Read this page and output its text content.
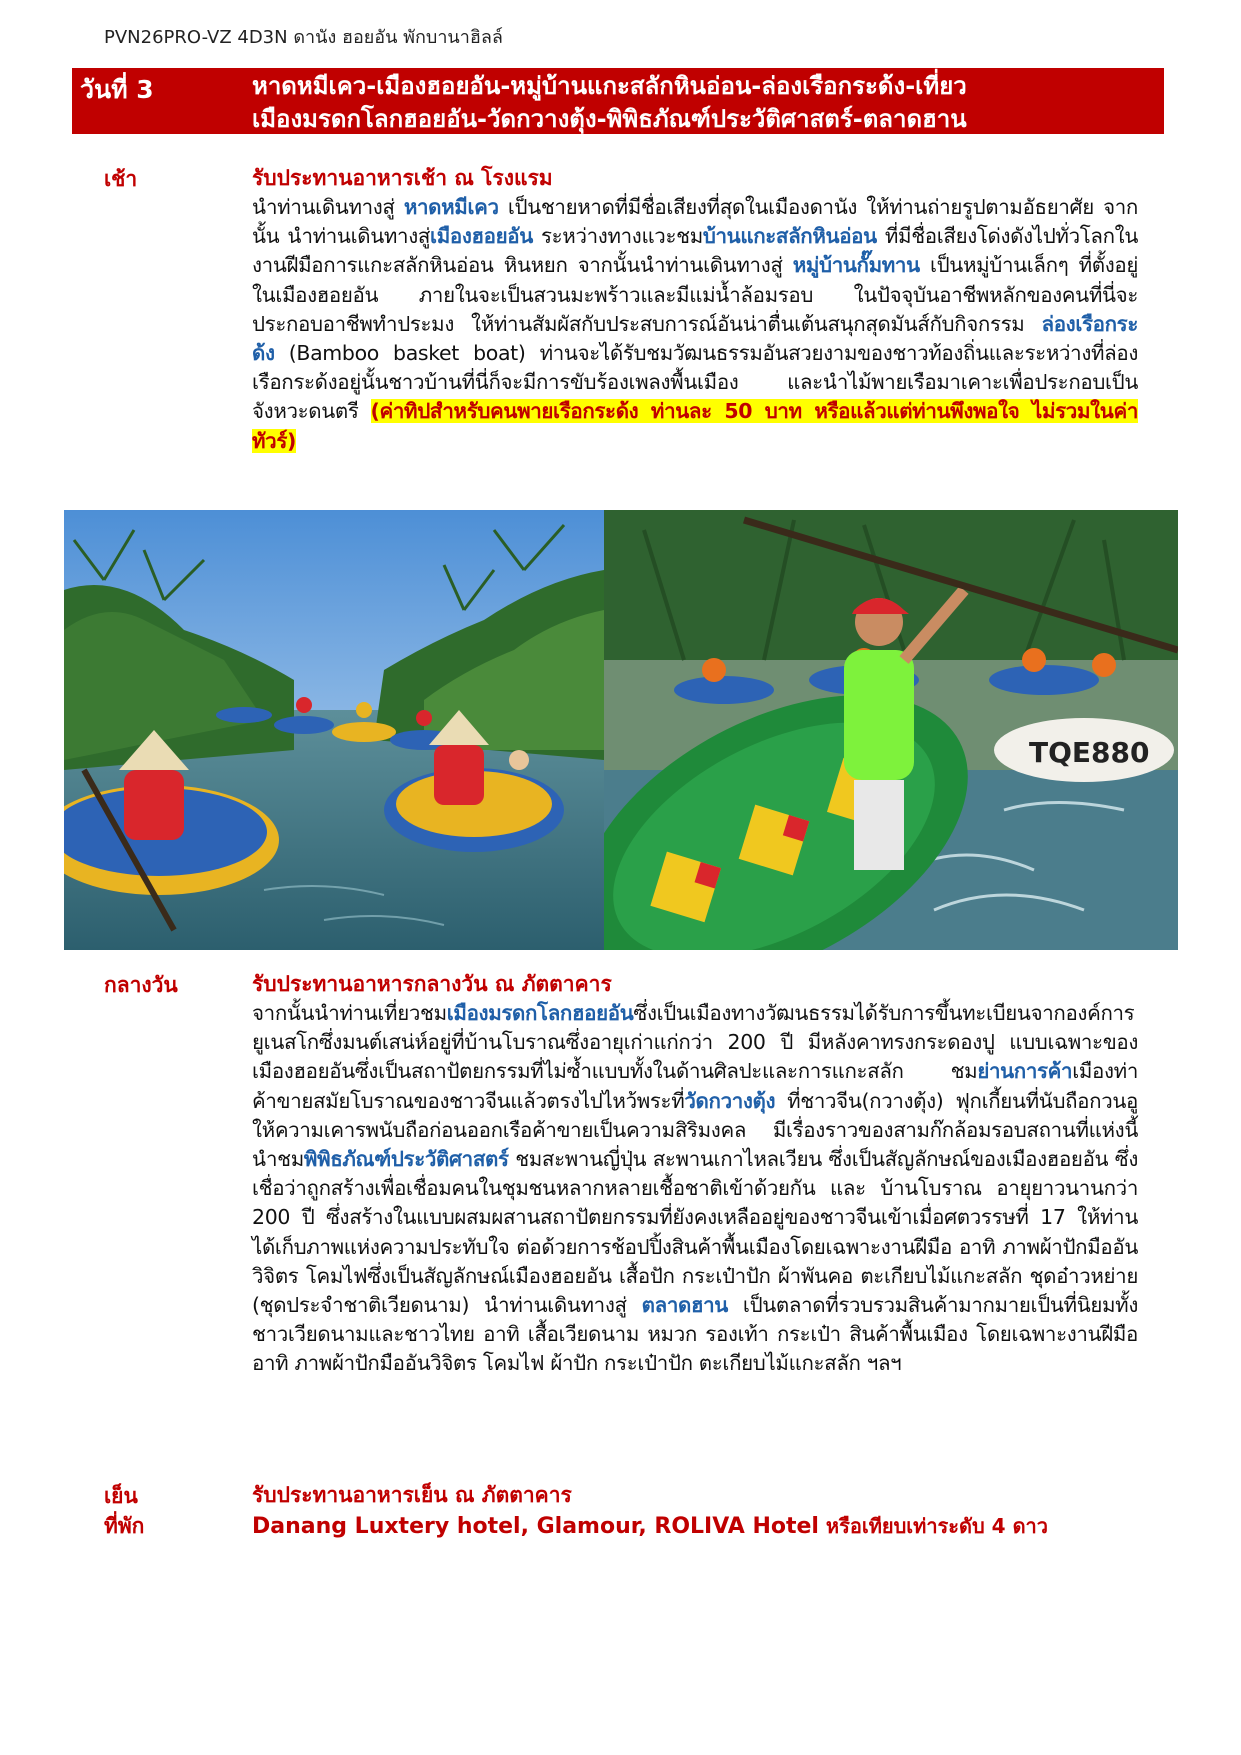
PVN26PRO-VZ 4D3N ดานัง ฮอยอัน พักบานาฮิลล์
วันที่ 3	หาดหมีเคว-เมืองฮอยอัน-หมู่บ้านแกะสลักหินอ่อน-ล่องเรือกระด้ง-เที่ยว
เมืองมรดกโลกฮอยอัน-วัดกวางตุ้ง-พิพิธภัณฑ์ประวัติศาสตร์-ตลาดฮาน
เช้า	รับประทานอาหารเช้า ณ โรงแรม
นำท่านเดินทางสู่ หาดหมีเคว เป็นชายหาดที่มีชื่อเสียงที่สุดในเมืองดานัง ให้ท่านถ่ายรูปตามอัธยาศัย จากนั้น นำท่านเดินทางสู่เมืองฮอยอัน ระหว่างทางแวะชมบ้านแกะสลักหินอ่อน ที่มีชื่อเสียงโด่งดังไปทั่วโลกในงานฝีมือการแกะสลักหินอ่อน หินหยก จากนั้นนำท่านเดินทางสู่ หมู่บ้านกั๊มทาน เป็นหมู่บ้านเล็กๆ ที่ตั้งอยู่ในเมืองฮอยอัน ภายในจะเป็นสวนมะพร้าวและมีแม่น้ำล้อมรอบ ในปัจจุบันอาชีพหลักของคนที่นี่จะประกอบอาชีพทำประมง ให้ท่านสัมผัสกับประสบการณ์อันน่าตื่นเต้นสนุกสุดมันส์กับกิจกรรม ล่องเรือกระด้ง (Bamboo basket boat) ท่านจะได้รับชมวัฒนธรรมอันสวยงามของชาวท้องถิ่นและระหว่างที่ล่องเรือกระด้งอยู่นั้นชาวบ้านที่นี่ก็จะมีการขับร้องเพลงพื้นเมือง และนำไม้พายเรือมาเคาะเพื่อประกอบเป็นจังหวะดนตรี (ค่าทิปสำหรับคนพายเรือกระด้ง ท่านละ 50 บาท หรือแล้วแต่ท่านพึงพอใจ ไม่รวมในค่าทัวร์)
TQE880
กลางวัน	รับประทานอาหารกลางวัน ณ ภัตตาคาร
จากนั้นนำท่านเที่ยวชมเมืองมรดกโลกฮอยอันซึ่งเป็นเมืองทางวัฒนธรรมได้รับการขึ้นทะเบียนจากองค์การยูเนสโกซึ่งมนต์เสน่ห์อยู่ที่บ้านโบราณซึ่งอายุเก่าแก่กว่า 200 ปี มีหลังคาทรงกระดองปู แบบเฉพาะของเมืองฮอยอันซึ่งเป็นสถาปัตยกรรมที่ไม่ซ้ำแบบทั้งในด้านศิลปะและการแกะสลัก ชมย่านการค้าเมืองท่าค้าขายสมัยโบราณของชาวจีนแล้วตรงไปไหว้พระที่วัดกวางตุ้ง ที่ชาวจีน(กวางตุ้ง) ฟุกเกี้ยนที่นับถือกวนอูให้ความเคารพนับถือก่อนออกเรือค้าขายเป็นความสิริมงคล มีเรื่องราวของสามก๊กล้อมรอบสถานที่แห่งนี้ นำชมพิพิธภัณฑ์ประวัติศาสตร์ ชมสะพานญี่ปุ่น สะพานเกาไหลเวียน ซึ่งเป็นสัญลักษณ์ของเมืองฮอยอัน ซึ่งเชื่อว่าถูกสร้างเพื่อเชื่อมคนในชุมชนหลากหลายเชื้อชาติเข้าด้วยกัน และ บ้านโบราณ อายุยาวนานกว่า 200 ปี ซึ่งสร้างในแบบผสมผสานสถาปัตยกรรมที่ยังคงเหลืออยู่ของชาวจีนเข้าเมื่อศตวรรษที่ 17 ให้ท่านได้เก็บภาพแห่งความประทับใจ ต่อด้วยการช้อปปิ้งสินค้าพื้นเมืองโดยเฉพาะงานฝีมือ อาทิ ภาพผ้าปักมืออันวิจิตร โคมไฟซึ่งเป็นสัญลักษณ์เมืองฮอยอัน เสื้อปัก กระเป๋าปัก ผ้าพันคอ ตะเกียบไม้แกะสลัก ชุดอ๋าวหย่าย (ชุดประจำชาติเวียดนาม) นำท่านเดินทางสู่ ตลาดฮาน เป็นตลาดที่รวบรวมสินค้ามากมายเป็นที่นิยมทั้งชาวเวียดนามและชาวไทย อาทิ เสื้อเวียดนาม หมวก รองเท้า กระเป๋า สินค้าพื้นเมือง โดยเฉพาะงานฝีมือ อาทิ ภาพผ้าปักมืออันวิจิตร โคมไฟ ผ้าปัก กระเป๋าปัก ตะเกียบไม้แกะสลัก ฯลฯ
เย็น	รับประทานอาหารเย็น ณ ภัตตาคาร
ที่พัก	Danang Luxtery hotel, Glamour, ROLIVA Hotel หรือเทียบเท่าระดับ 4 ดาว
